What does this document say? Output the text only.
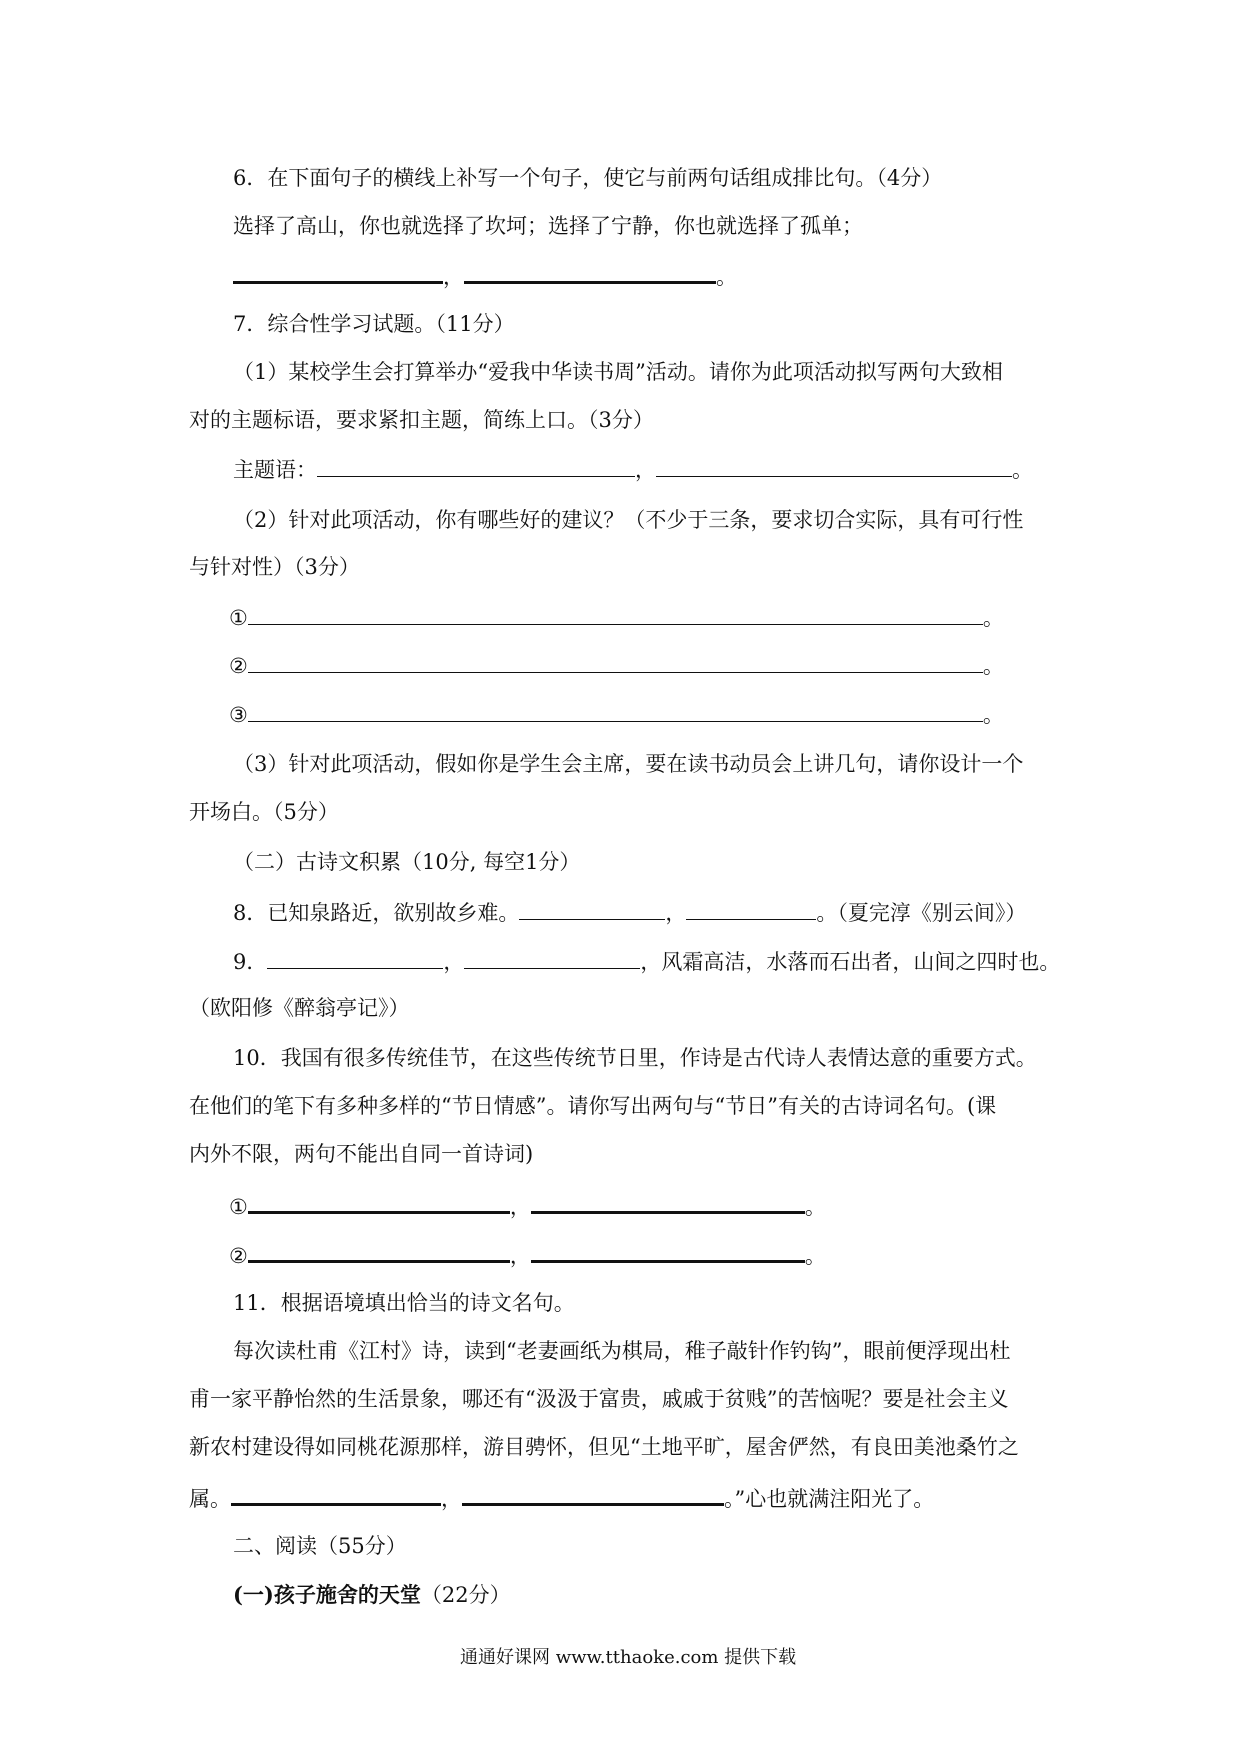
6．在下面句子的横线上补写一个句子，使它与前两句话组成排比句。（4分）
选择了高山，你也就选择了坎坷；选择了宁静，你也就选择了孤单；
，	。
7．综合性学习试题。（11分）
（1）某校学生会打算举办“爱我中华读书周”活动。请你为此项活动拟写两句大致相
对的主题标语，要求紧扣主题，简练上口。（3分）
主题语：	，	。
（2）针对此项活动，你有哪些好的建议？（不少于三条，要求切合实际，具有可行性
与针对性）（3分）
①	。
②	。
③	。
（3）针对此项活动，假如你是学生会主席，要在读书动员会上讲几句，请你设计一个
开场白。（5分）
（二）古诗文积累（10分, 每空1分）
8．已知泉路近，欲别故乡难。	，	。（夏完淳《别云间》）
9．	，	，风霜高洁，水落而石出者，山间之四时也。
（欧阳修《醉翁亭记》）
10．我国有很多传统佳节，在这些传统节日里，作诗是古代诗人表情达意的重要方式。
在他们的笔下有多种多样的“节日情感”。请你写出两句与“节日”有关的古诗词名句。(课
内外不限，两句不能出自同一首诗词)
①	，	。
②	，	。
11．根据语境填出恰当的诗文名句。
每次读杜甫《江村》诗，读到“老妻画纸为棋局，稚子敲针作钓钩”，眼前便浮现出杜
甫一家平静怡然的生活景象，哪还有“汲汲于富贵，戚戚于贫贱”的苦恼呢？要是社会主义
新农村建设得如同桃花源那样，游目骋怀，但见“土地平旷，屋舍俨然，有良田美池桑竹之
属。	，	。”心也就满注阳光了。
二、阅读（55分）
(一)孩子施舍的天堂（22分）
通通好课网 www.tthaoke.com 提供下载
